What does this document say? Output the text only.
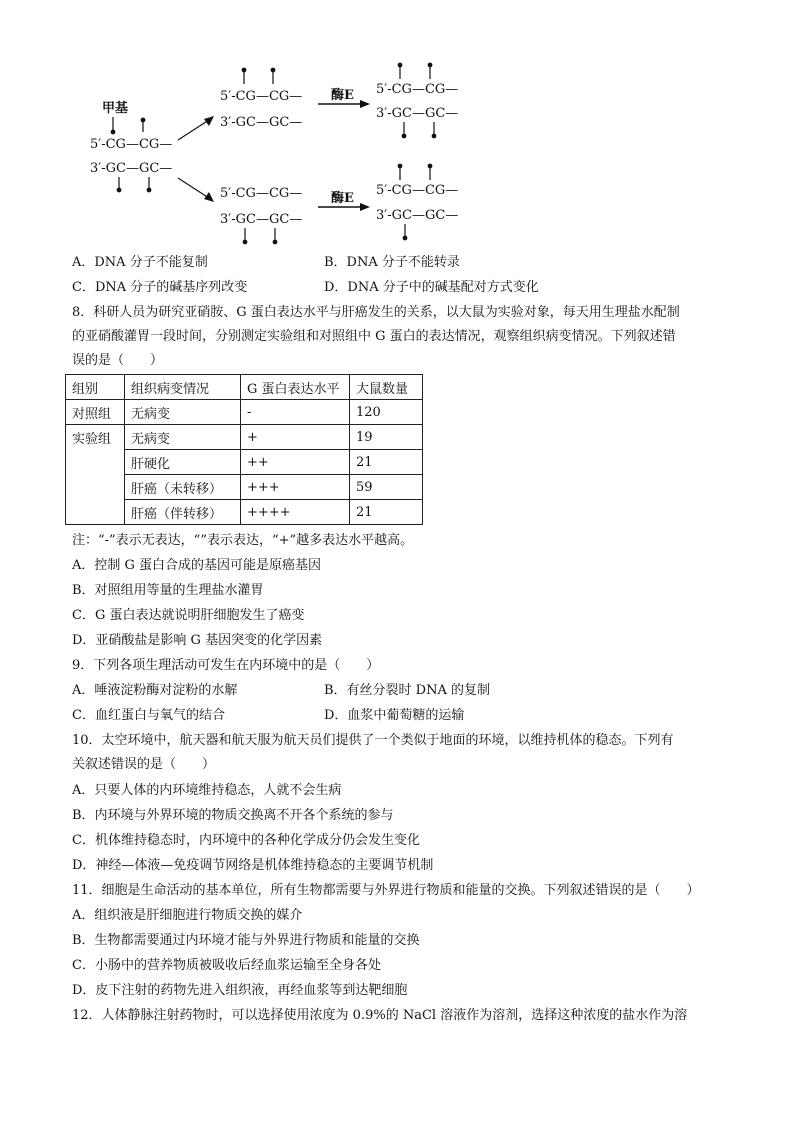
甲基
5′-CG—CG—
3′-GC—GC—
5′-CG—CG—
3′-GC—GC—
5′-CG—CG—
3′-GC—GC—
酶E
酶E
5′-CG—CG—
3′-GC—GC—
5′-CG—CG—
3′-GC—GC—
A．DNA 分子不能复制	B．DNA 分子不能转录
C．DNA 分子的碱基序列改变	D．DNA 分子中的碱基配对方式变化
8．科研人员为研究亚硝胺、G 蛋白表达水平与肝癌发生的关系，以大鼠为实验对象，每天用生理盐水配制
的亚硝酸灌胃一段时间，分别测定实验组和对照组中 G 蛋白的表达情况，观察组织病变情况。下列叙述错
误的是（　　）
组别	组织病变情况	G 蛋白表达水平	大鼠数量
对照组	无病变	-	120
实验组	无病变	+	19
	肝硬化	++	21
	肝癌（未转移）	+++	59
	肝癌（伴转移）	++++	21
注：“-”表示无表达，“”表示表达，“+”越多表达水平越高。
A．控制 G 蛋白合成的基因可能是原癌基因
B．对照组用等量的生理盐水灌胃
C．G 蛋白表达就说明肝细胞发生了癌变
D．亚硝酸盐是影响 G 基因突变的化学因素
9．下列各项生理活动可发生在内环境中的是（　　）
A．唾液淀粉酶对淀粉的水解	B．有丝分裂时 DNA 的复制
C．血红蛋白与氧气的结合	D．血浆中葡萄糖的运输
10．太空环境中，航天器和航天服为航天员们提供了一个类似于地面的环境，以维持机体的稳态。下列有
关叙述错误的是（　　）
A．只要人体的内环境维持稳态，人就不会生病
B．内环境与外界环境的物质交换离不开各个系统的参与
C．机体维持稳态时，内环境中的各种化学成分仍会发生变化
D．神经—体液—免疫调节网络是机体维持稳态的主要调节机制
11．细胞是生命活动的基本单位，所有生物都需要与外界进行物质和能量的交换。下列叙述错误的是（　　）
A．组织液是肝细胞进行物质交换的媒介
B．生物都需要通过内环境才能与外界进行物质和能量的交换
C．小肠中的营养物质被吸收后经血浆运输至全身各处
D．皮下注射的药物先进入组织液，再经血浆等到达靶细胞
12．人体静脉注射药物时，可以选择使用浓度为 0.9%的 NaCl 溶液作为溶剂，选择这种浓度的盐水作为溶
